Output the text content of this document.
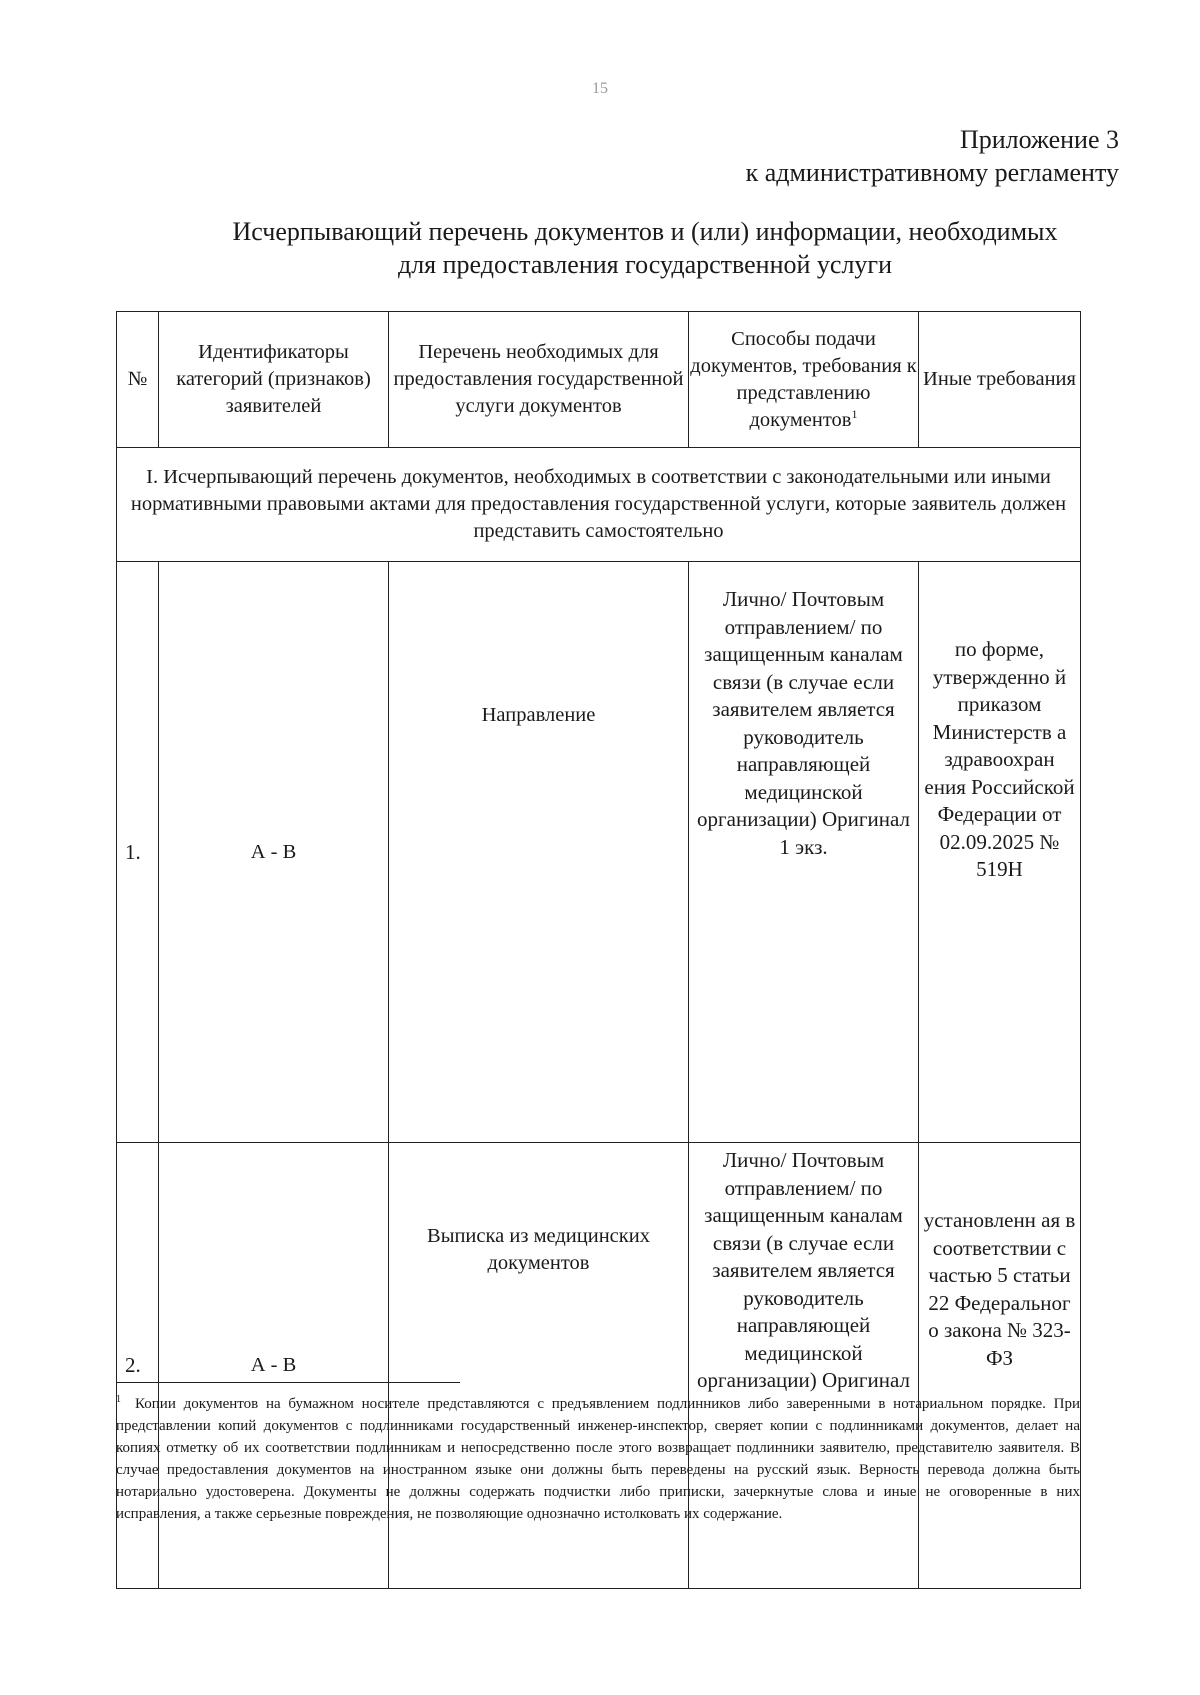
15
Приложение 3
к административному регламенту
Исчерпывающий перечень документов и (или) информации, необходимых
для предоставления государственной услуги
№	Идентификаторы категорий (признаков) заявителей	Перечень необходимых для предоставления государственной услуги документов	Способы подачи документов, требования к представлению документов$^1$	Иные требования
I. Исчерпывающий перечень документов, необходимых в соответствии с законодательными или иными нормативными правовыми актами для предоставления государственной услуги, которые заявитель должен представить самостоятельно				
1.	А - В	Направление	Лично/ Почтовым отправлением/ по защищенным каналам связи (в случае если заявителем является руководитель направляющей медицинской организации) Оригинал 1 экз.	по форме, утвержденно й приказом Министерств а здравоохран ения Российской Федерации от 02.09.2025 № 519Н
2.	А - В	Выписка из медицинских документов	Лично/ Почтовым отправлением/ по защищенным каналам связи (в случае если заявителем является руководитель направляющей медицинской организации) Оригинал	установленн ая в соответствии с частью 5 статьи 22 Федеральног о закона № 323-ФЗ
$^1$ Копии документов на бумажном носителе представляются с предъявлением подлинников либо заверенными в нотариальном порядке. При представлении копий документов с подлинниками государственный инженер-инспектор, сверяет копии с подлинниками документов, делает на копиях отметку об их соответствии подлинникам и непосредственно после этого возвращает подлинники заявителю, представителю заявителя. В случае предоставления документов на иностранном языке они должны быть переведены на русский язык. Верность перевода должна быть нотариально удостоверена. Документы не должны содержать подчистки либо приписки, зачеркнутые слова и иные не оговоренные в них исправления, а также серьезные повреждения, не позволяющие однозначно истолковать их содержание.
